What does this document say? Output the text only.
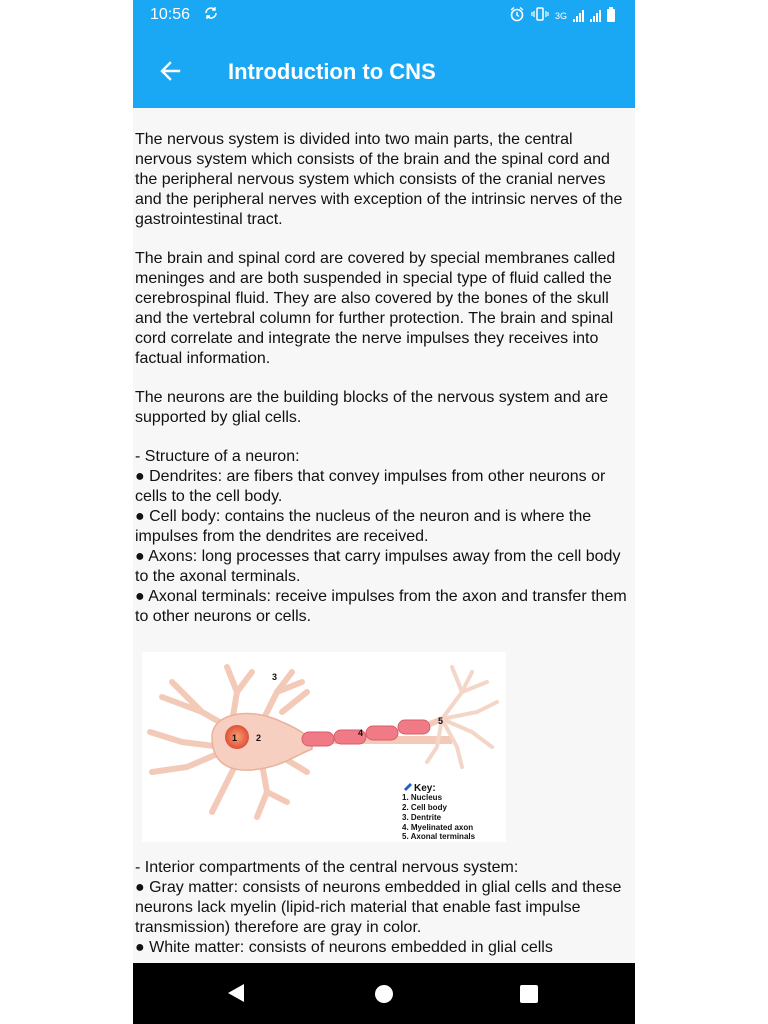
10:56	3G
Introduction to CNS

The nervous system is divided into two main parts, the central nervous system which consists of the brain and the spinal cord and the peripheral nervous system which consists of the cranial nerves and the peripheral nerves with exception of the intrinsic nerves of the gastrointestinal tract.

The brain and spinal cord are covered by special membranes called meninges and are both suspended in special type of fluid called the cerebrospinal fluid. They are also covered by the bones of the skull and the vertebral column for further protection. The brain and spinal cord correlate and integrate the nerve impulses they receives into factual information.

The neurons are the building blocks of the nervous system and are supported by glial cells.

- Structure of a neuron:
● Dendrites: are fibers that convey impulses from other neurons or cells to the cell body.
● Cell body: contains the nucleus of the neuron and is where the impulses from the dendrites are received.
● Axons: long processes that carry impulses away from the cell body to the axonal terminals.
● Axonal terminals: receive impulses from the axon and transfer them to other neurons or cells.
1 2
3
4
5
Key:
1. Nucleus
2. Cell body
3. Dentrite
4. Myelinated axon
5. Axonal terminals
- Interior compartments of the central nervous system:
● Gray matter: consists of neurons embedded in glial cells and these neurons lack myelin (lipid-rich material that enable fast impulse transmission) therefore are gray in color.
● White matter: consists of neurons embedded in glial cells
